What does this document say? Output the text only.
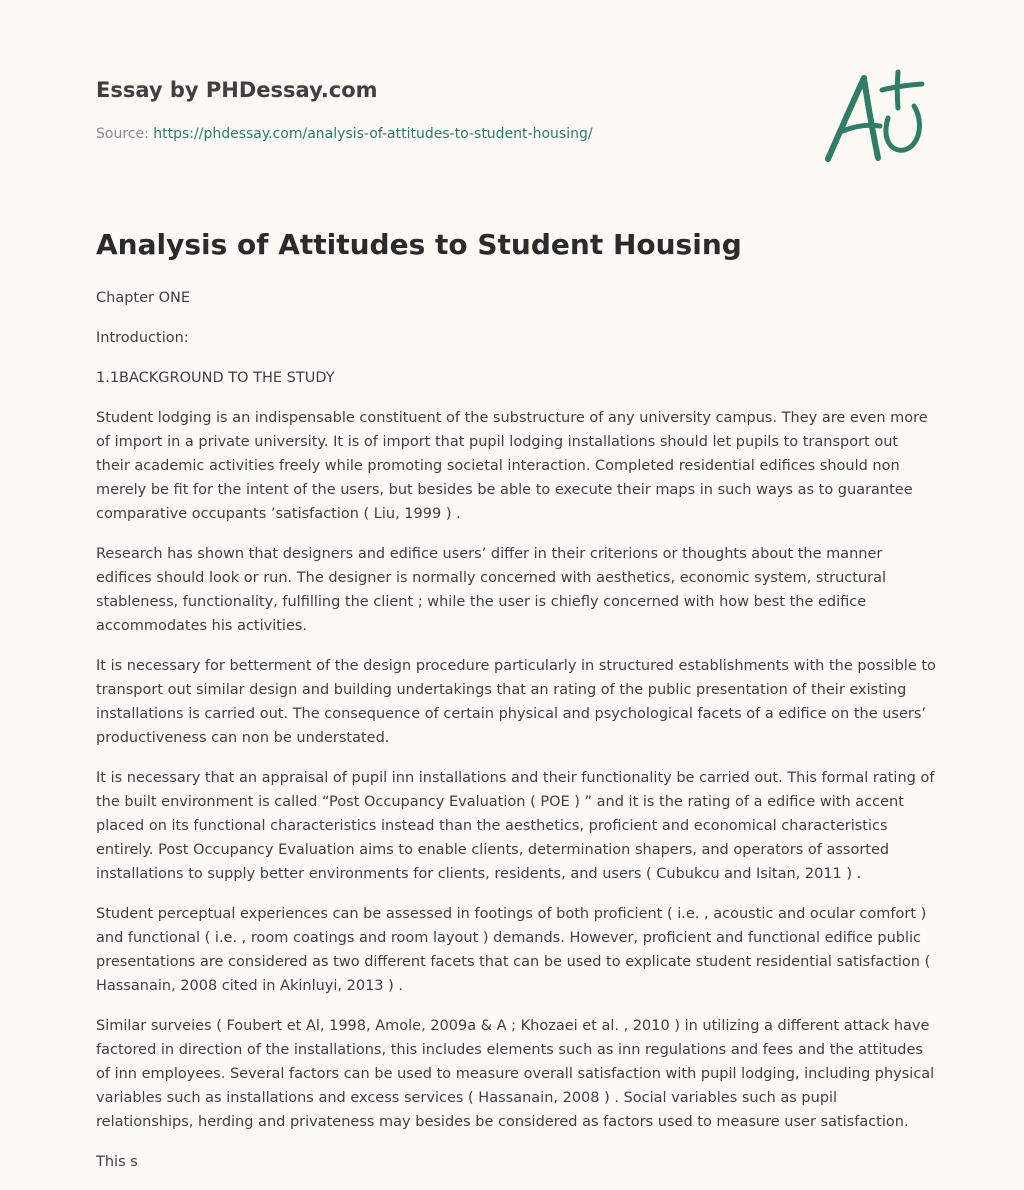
Essay by PHDessay.com
Source: https://phdessay.com/analysis-of-attitudes-to-student-housing/
Analysis of Attitudes to Student Housing

Chapter ONE

Introduction:

1.1BACKGROUND TO THE STUDY

Student lodging is an indispensable constituent of the substructure of any university campus. They are even more of import in a private university. It is of import that pupil lodging installations should let pupils to transport out their academic activities freely while promoting societal interaction. Completed residential edifices should non merely be fit for the intent of the users, but besides be able to execute their maps in such ways as to guarantee comparative occupants ’satisfaction ( Liu, 1999 ) .

Research has shown that designers and edifice users’ differ in their criterions or thoughts about the manner edifices should look or run. The designer is normally concerned with aesthetics, economic system, structural stableness, functionality, fulfilling the client ; while the user is chiefly concerned with how best the edifice accommodates his activities.

It is necessary for betterment of the design procedure particularly in structured establishments with the possible to transport out similar design and building undertakings that an rating of the public presentation of their existing installations is carried out. The consequence of certain physical and psychological facets of a edifice on the users’ productiveness can non be understated.

It is necessary that an appraisal of pupil inn installations and their functionality be carried out. This formal rating of the built environment is called “Post Occupancy Evaluation ( POE ) ” and it is the rating of a edifice with accent placed on its functional characteristics instead than the aesthetics, proficient and economical characteristics entirely. Post Occupancy Evaluation aims to enable clients, determination shapers, and operators of assorted installations to supply better environments for clients, residents, and users ( Cubukcu and Isitan, 2011 ) .

Student perceptual experiences can be assessed in footings of both proficient ( i.e. , acoustic and ocular comfort ) and functional ( i.e. , room coatings and room layout ) demands. However, proficient and functional edifice public presentations are considered as two different facets that can be used to explicate student residential satisfaction ( Hassanain, 2008 cited in Akinluyi, 2013 ) .

Similar surveies ( Foubert et Al, 1998, Amole, 2009a & A ; Khozaei et al. , 2010 ) in utilizing a different attack have factored in direction of the installations, this includes elements such as inn regulations and fees and the attitudes of inn employees. Several factors can be used to measure overall satisfaction with pupil lodging, including physical variables such as installations and excess services ( Hassanain, 2008 ) . Social variables such as pupil relationships, herding and privateness may besides be considered as factors used to measure user satisfaction.

This s
